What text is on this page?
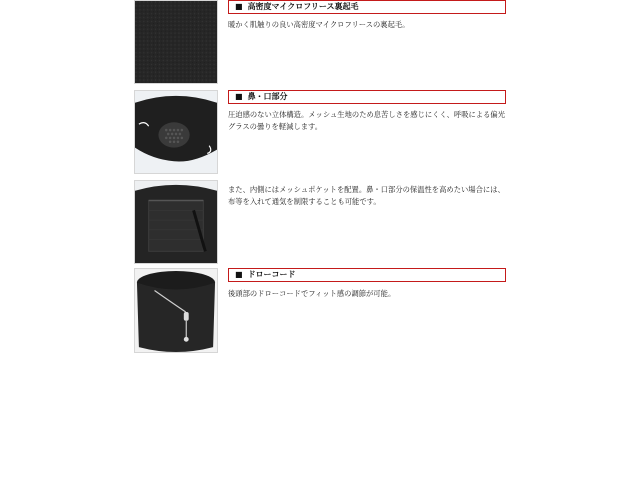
■ 高密度マイクロフリース裏起毛
暖かく肌触りの良い高密度マイクロフリースの裏起毛。
■ 鼻・口部分
圧迫感のない立体構造。メッシュ生地のため息苦しさを感じにくく、呼吸による偏光グラスの曇りを軽減します。
また、内側にはメッシュポケットを配置。鼻・口部分の保温性を高めたい場合には、布等を入れて通気を制限することも可能です。
■ ドローコード
後頭部のドローコードでフィット感の調節が可能。
